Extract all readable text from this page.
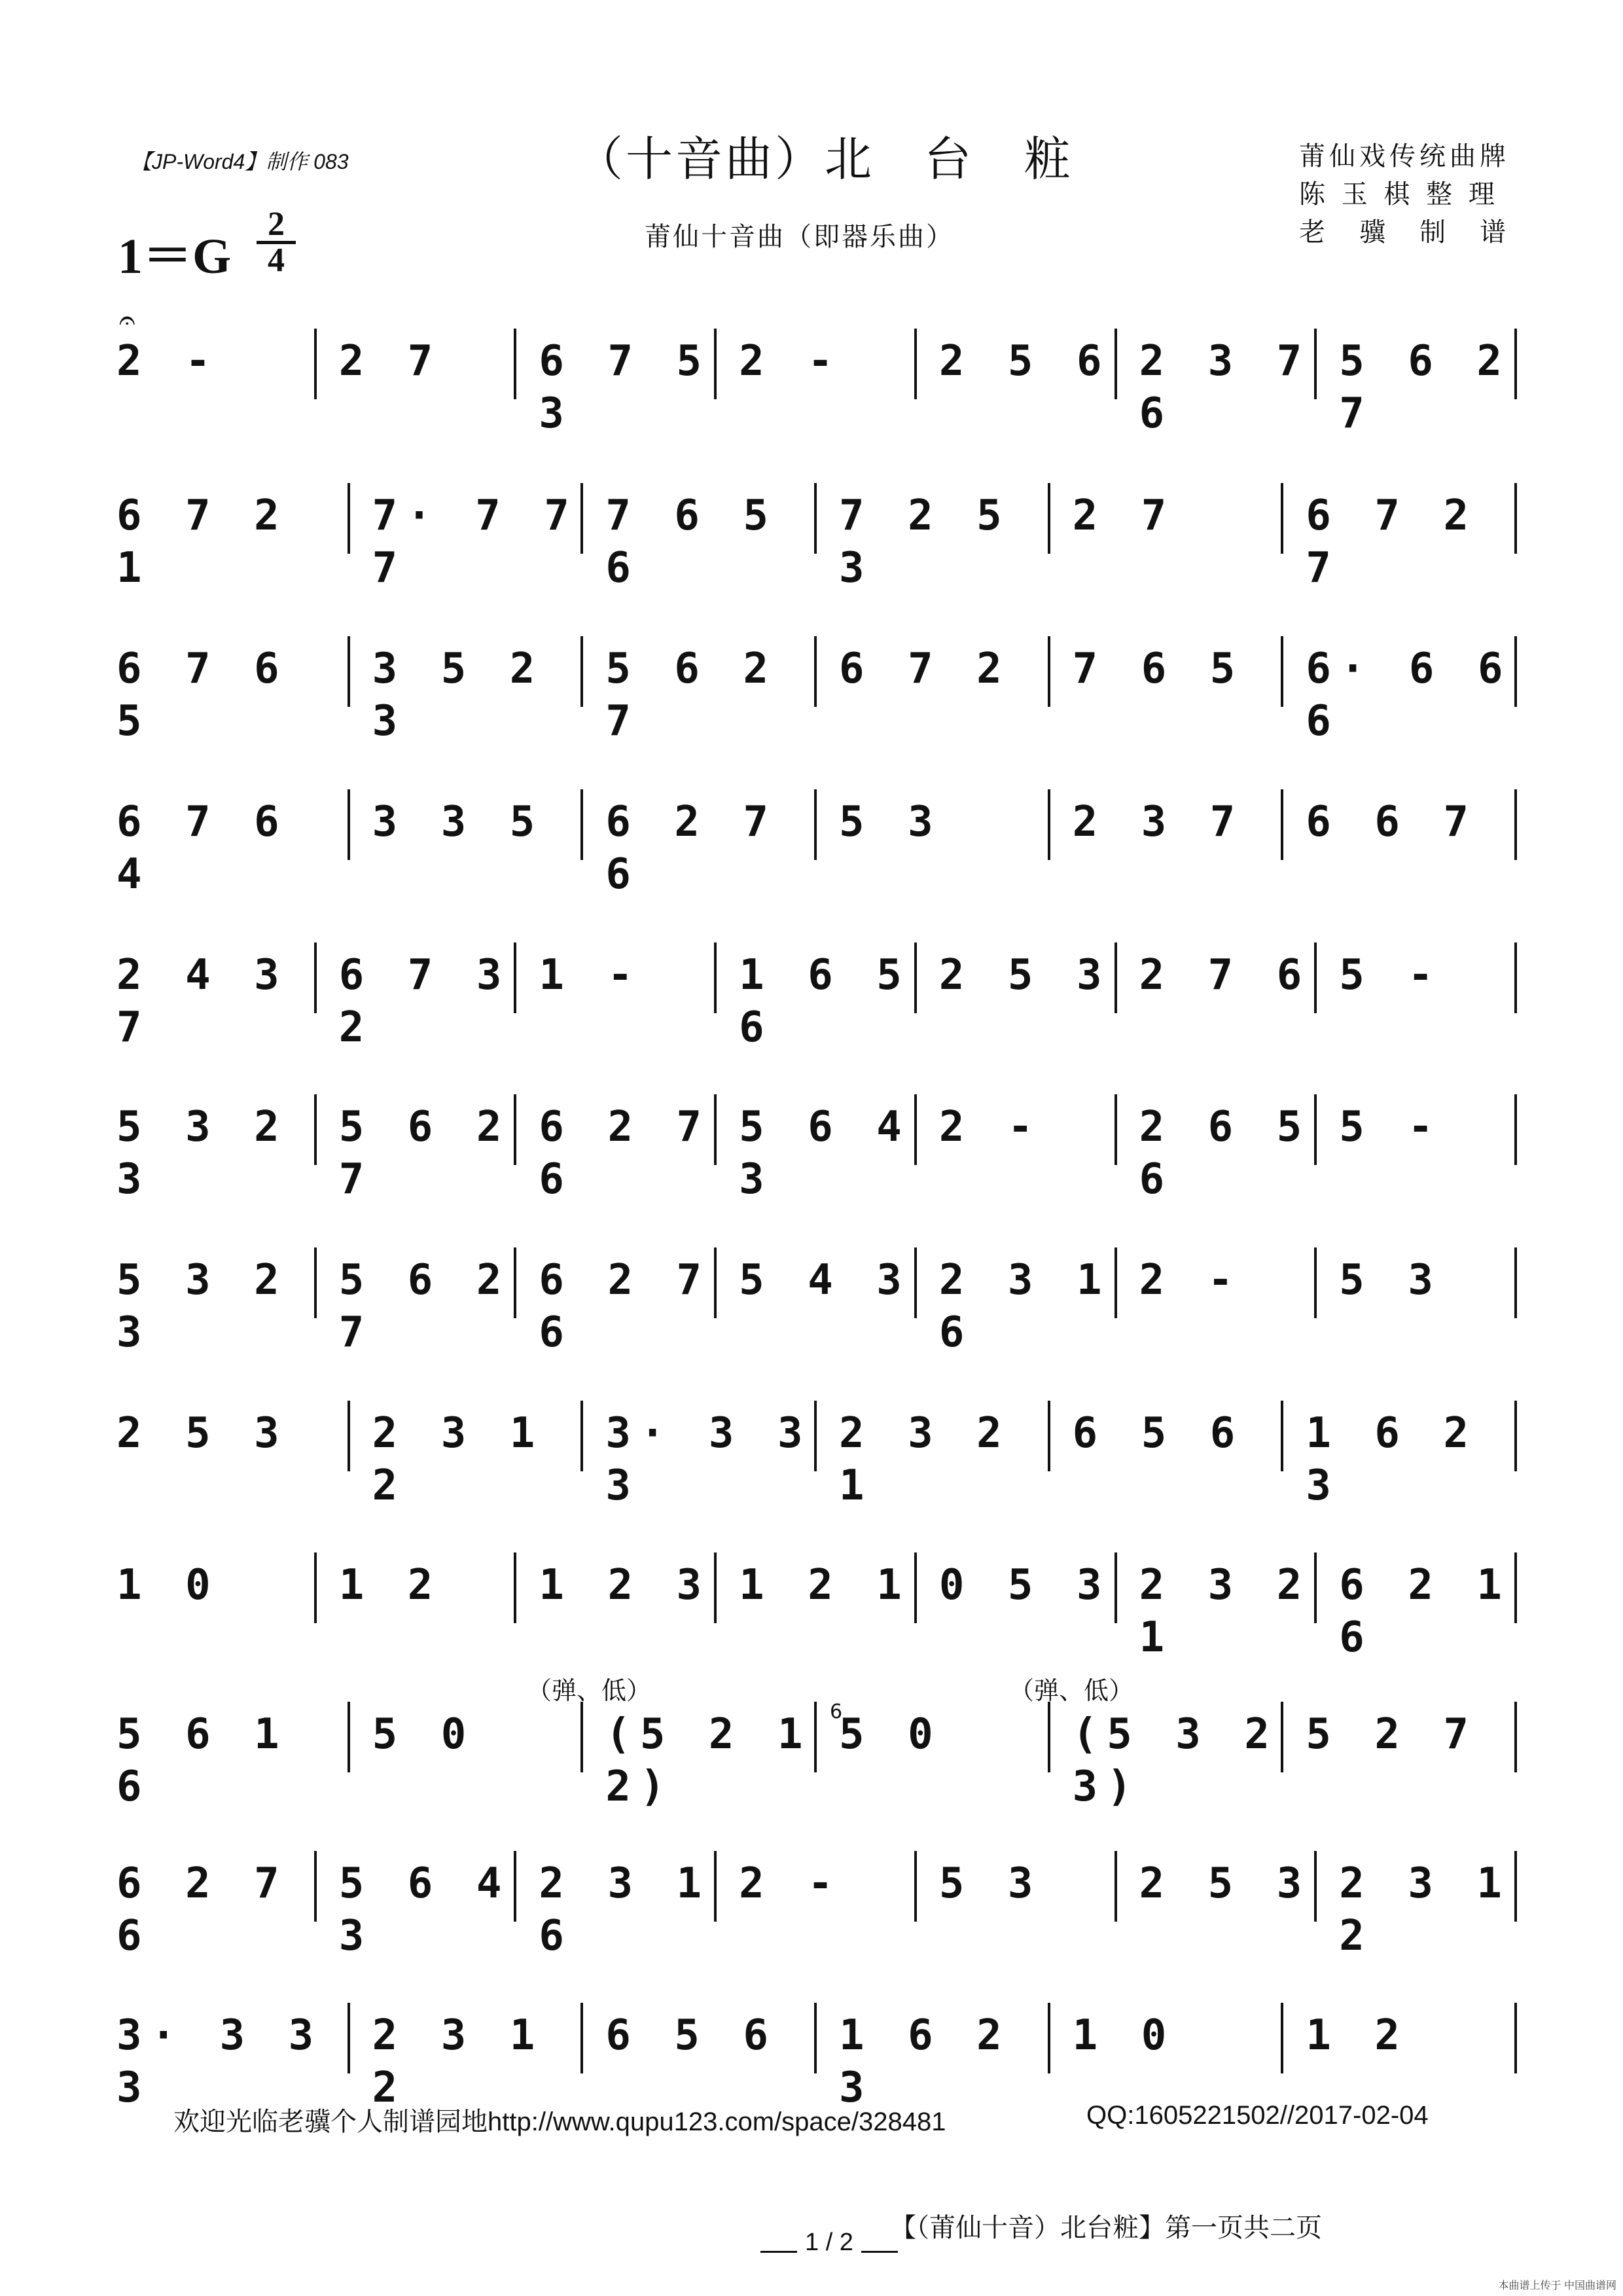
【JP-Word4】制作 083	（十音曲）北　台　粧
莆仙十音曲（即器乐曲）
莆仙戏传统曲牌
陈 玉 棋 整 理
老　骥　制　谱
1＝G
2
4
2 -
𝄐
2 7 6 7 5 3
2 - 2 5 6 2 3 7 6
5 6 2 7
6 7 2 1
7· 7 7 7
7 6 5 6
7 2 5 3
2 7	6 7 2 7
6 7 6 5
3 5 2 3
5 6 2 7
6 7 2 7 6 5 6· 6 6 6
6 7 6 4
3 3 5 6 2 7 6
5 3	2 3 7 6 6 7
2 4 3 7
6 7 3 2
1 - 1 6 5 6
2 5 3 2 7 6 5 -
5 3 2 3
5 6 2 7
6 2 7 6
5 6 4 3
2 - 2 6 5 6
5 -
5 3 2 3
5 6 2 7
6 2 7 6
5 4 3 2 3 1 6
2 - 5 3
2 5 3 2 3 1 2
3· 3 3 3
2 3 2 1
6 5 6 1 6 2 3
1 0	1 2 1 2 3 1 2 1 0 5 3 2 3 2 1
6 2 1 6
5 6 1 6
5 0	(5 2 1 2)
5 0	(5 3 2 3)
5 2 7
6 2 7 6
5 6 4 3
2 3 1 6
2 - 5 3 2 5 3 2 3 1 2
3· 3 3 3
2 3 1 2
6 5 6 1 6 2 3
1 0	1 2
（弹、低）	（弹、低）
6
欢迎光临老骥个人制谱园地http://www.qupu123.com/space/328481	QQ:1605221502//2017-02-04
【（莆仙十音）北台粧】第一页共二页
1 / 2
本曲谱上传于 中国曲谱网
